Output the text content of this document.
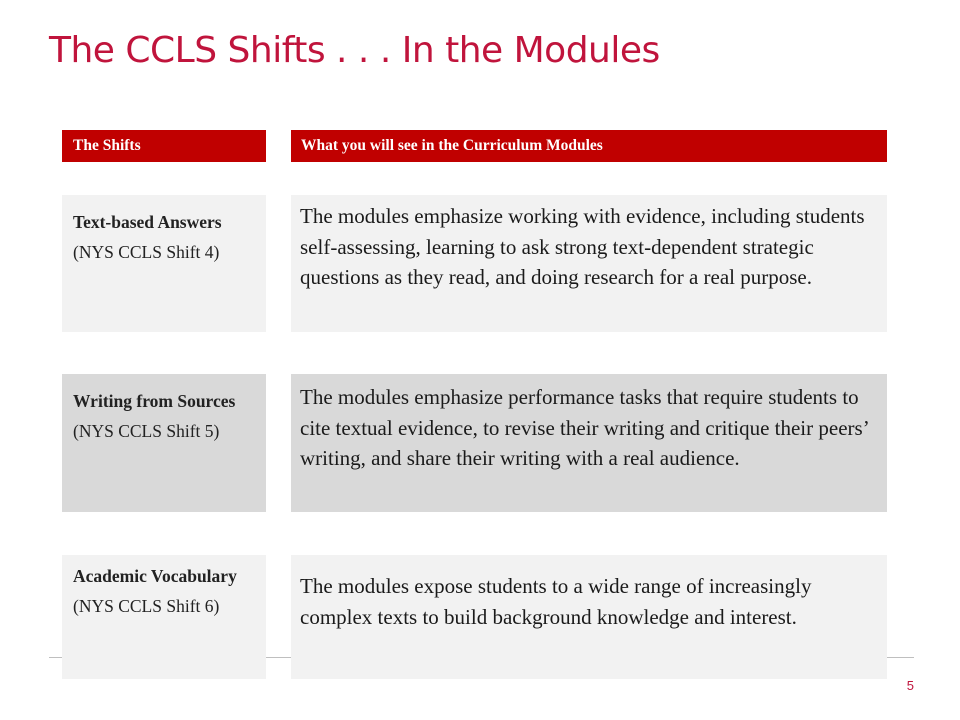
The CCLS Shifts . . . In the Modules
The Shifts	What you will see in the Curriculum Modules
Text-based Answers
(NYS CCLS Shift 4)
The modules emphasize working with evidence, including students self-assessing, learning to ask strong text-dependent strategic questions as they read, and doing research for a real purpose.
Writing from Sources
(NYS CCLS Shift 5)
The modules emphasize performance tasks that require students to cite textual evidence, to revise their writing and critique their peers’ writing, and share their writing with a real audience.
Academic Vocabulary
(NYS CCLS Shift 6)
The modules expose students to a wide range of increasingly complex texts to build background knowledge and interest.
5
